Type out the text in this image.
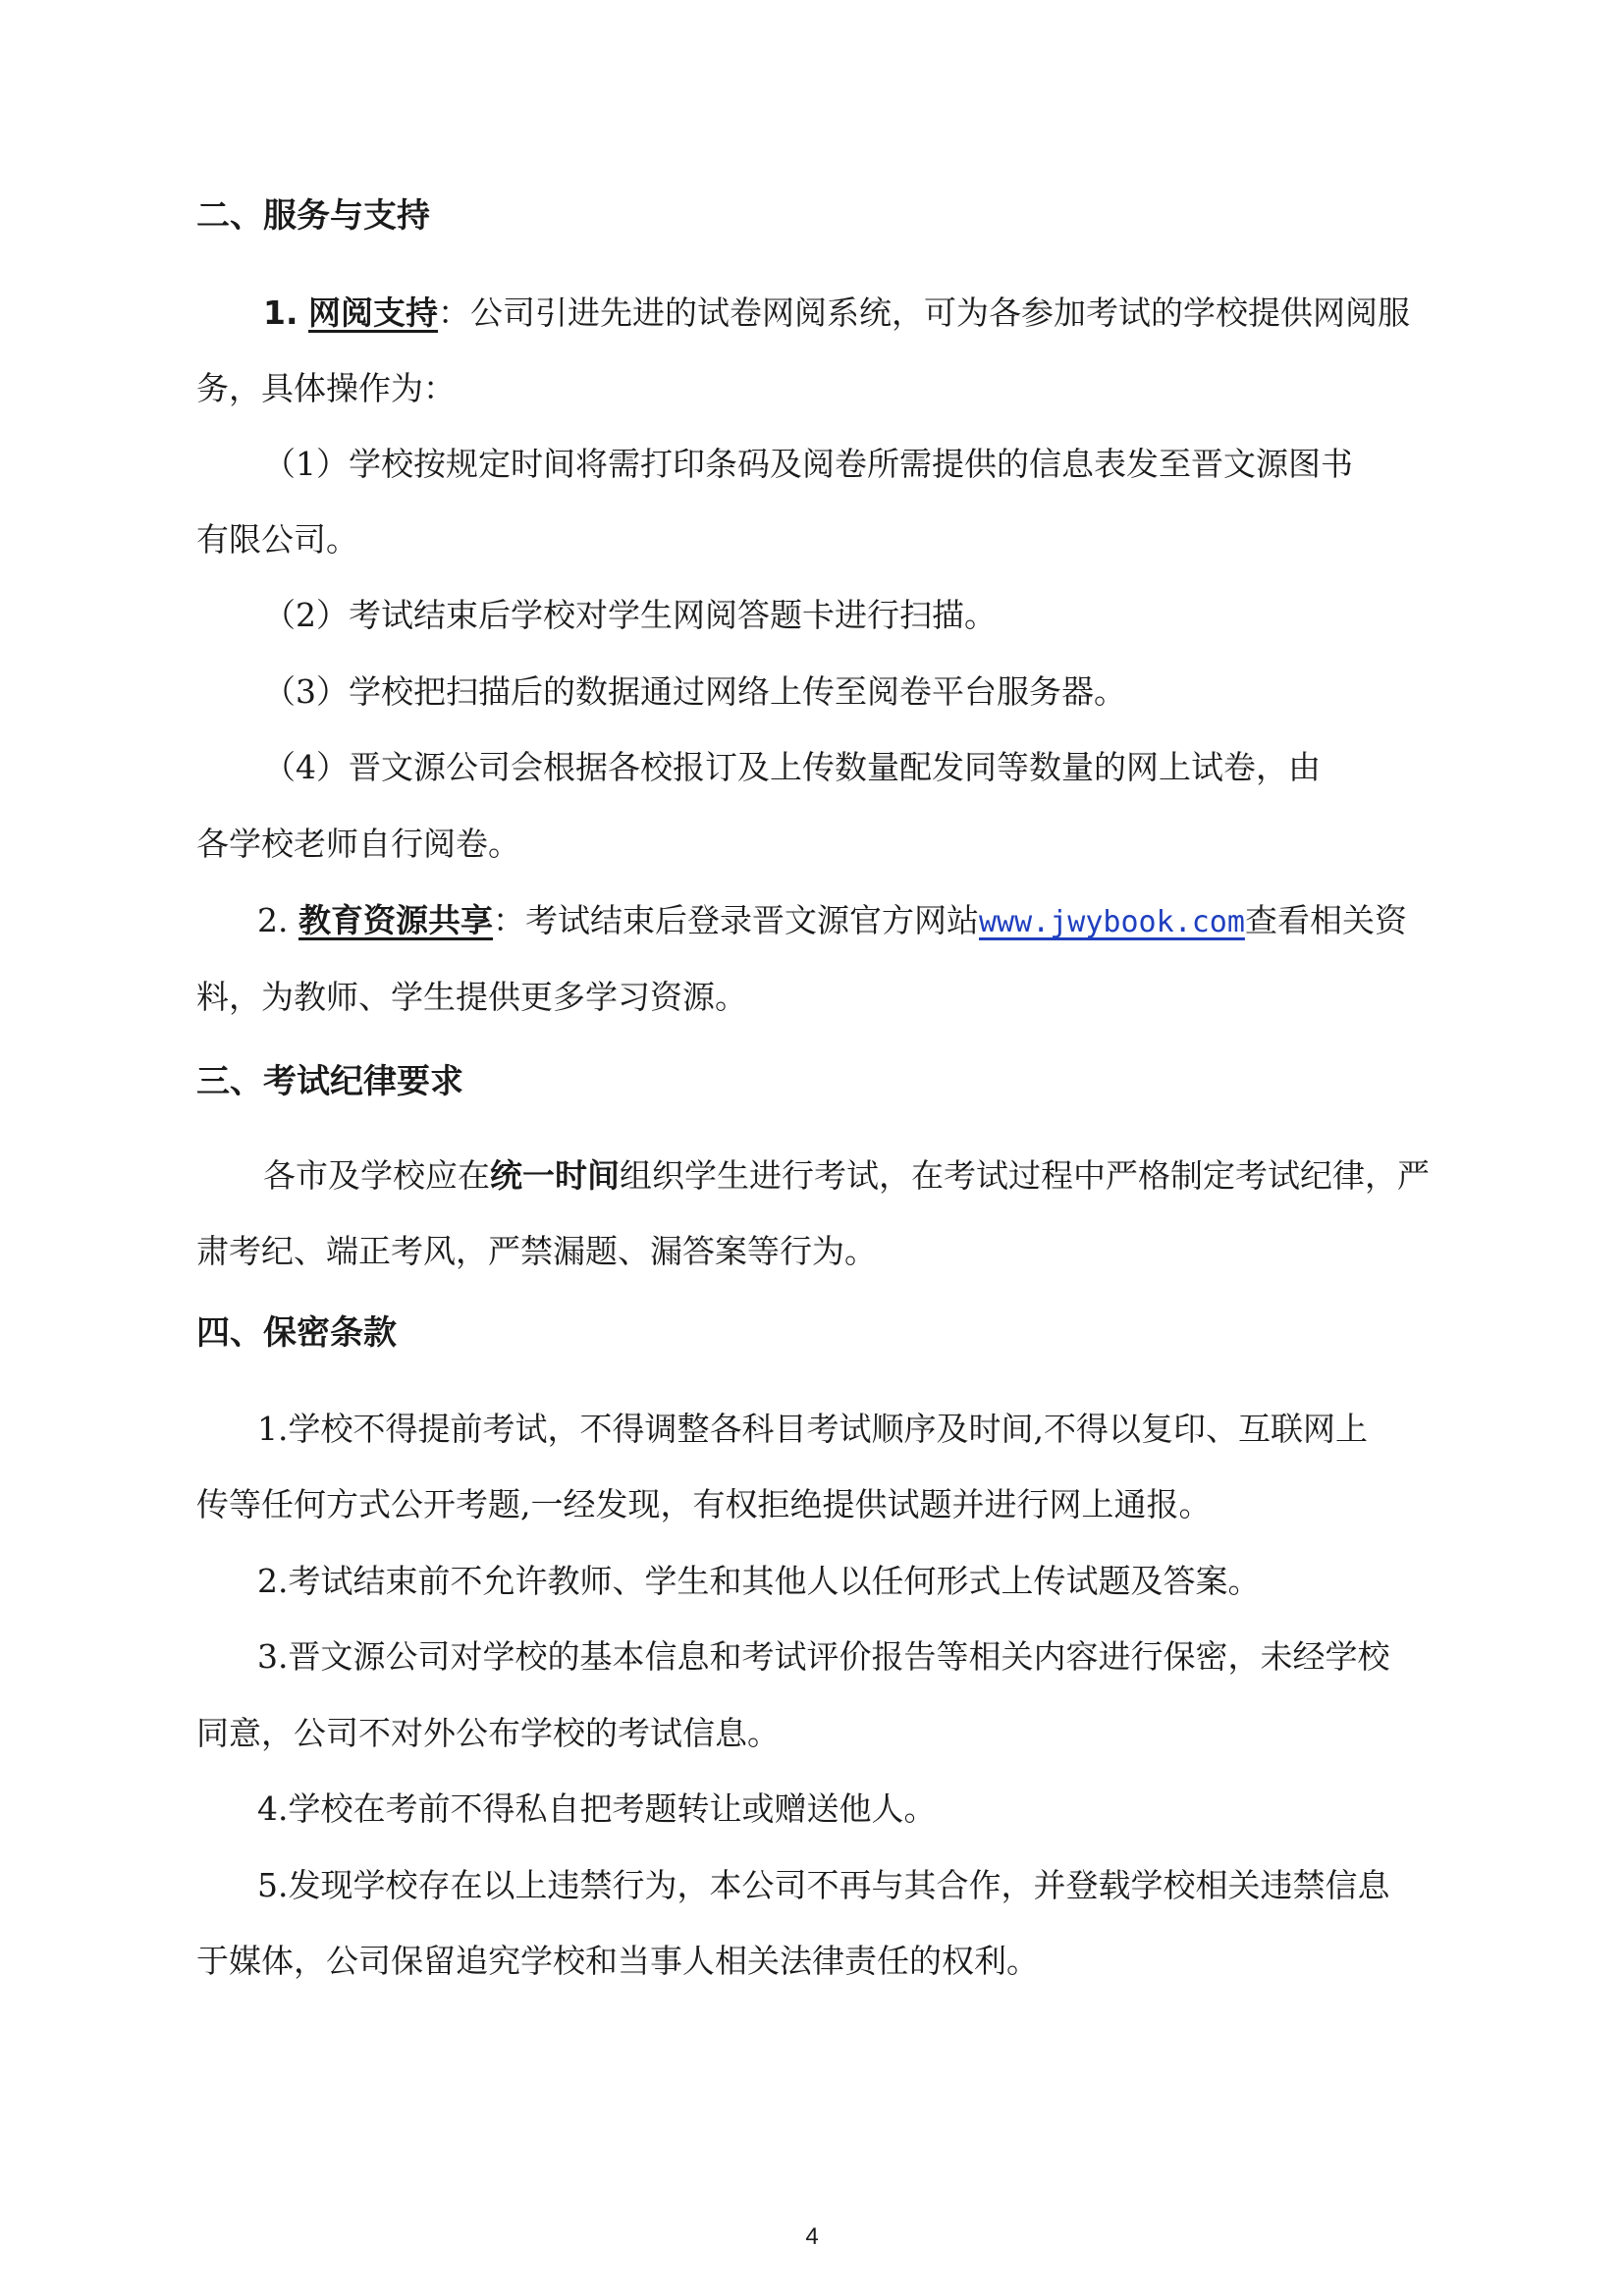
二、服务与支持
1. 网阅支持：公司引进先进的试卷网阅系统，可为各参加考试的学校提供网阅服
务，具体操作为：
（1）学校按规定时间将需打印条码及阅卷所需提供的信息表发至晋文源图书
有限公司。
（2）考试结束后学校对学生网阅答题卡进行扫描。
（3）学校把扫描后的数据通过网络上传至阅卷平台服务器。
（4）晋文源公司会根据各校报订及上传数量配发同等数量的网上试卷，由
各学校老师自行阅卷。
2. 教育资源共享：考试结束后登录晋文源官方网站www.jwybook.com查看相关资
料，为教师、学生提供更多学习资源。
三、考试纪律要求
各市及学校应在统一时间组织学生进行考试，在考试过程中严格制定考试纪律，严
肃考纪、端正考风，严禁漏题、漏答案等行为。
四、保密条款
1.学校不得提前考试，不得调整各科目考试顺序及时间,不得以复印、互联网上
传等任何方式公开考题,一经发现，有权拒绝提供试题并进行网上通报。
2.考试结束前不允许教师、学生和其他人以任何形式上传试题及答案。
3.晋文源公司对学校的基本信息和考试评价报告等相关内容进行保密，未经学校
同意，公司不对外公布学校的考试信息。
4.学校在考前不得私自把考题转让或赠送他人。
5.发现学校存在以上违禁行为，本公司不再与其合作，并登载学校相关违禁信息
于媒体，公司保留追究学校和当事人相关法律责任的权利。
4
